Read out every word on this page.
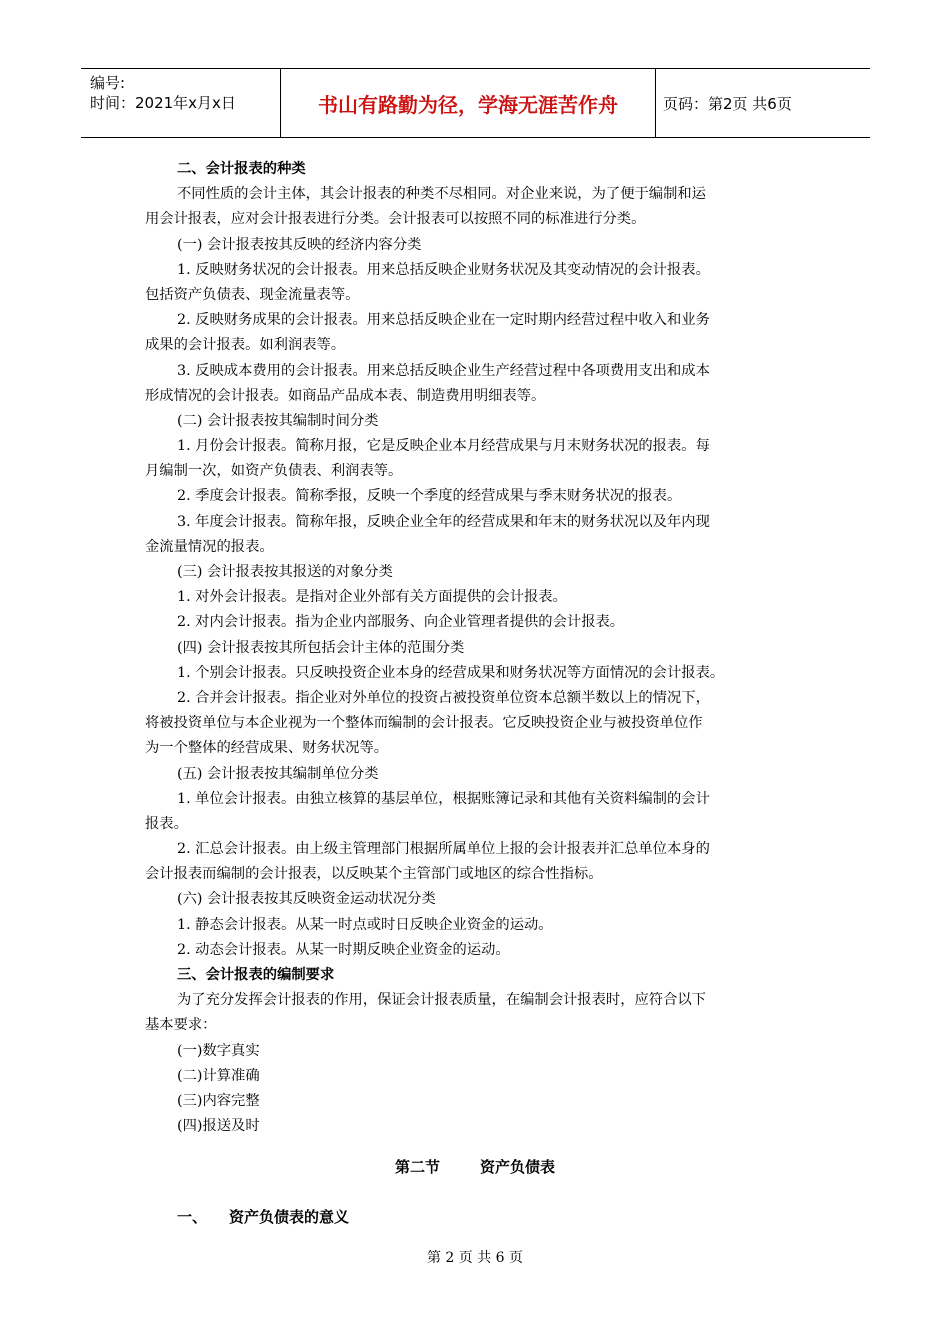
编号:
时间：2021年x月x日	书山有路勤为径，学海无涯苦作舟	页码：第2页 共6页
二、会计报表的种类
不同性质的会计主体，其会计报表的种类不尽相同。对企业来说，为了便于编制和运
用会计报表，应对会计报表进行分类。会计报表可以按照不同的标准进行分类。
(一) 会计报表按其反映的经济内容分类
1. 反映财务状况的会计报表。用来总括反映企业财务状况及其变动情况的会计报表。
包括资产负债表、现金流量表等。
2. 反映财务成果的会计报表。用来总括反映企业在一定时期内经营过程中收入和业务
成果的会计报表。如利润表等。
3. 反映成本费用的会计报表。用来总括反映企业生产经营过程中各项费用支出和成本
形成情况的会计报表。如商品产品成本表、制造费用明细表等。
(二) 会计报表按其编制时间分类
1. 月份会计报表。简称月报，它是反映企业本月经营成果与月末财务状况的报表。每
月编制一次，如资产负债表、利润表等。
2. 季度会计报表。简称季报，反映一个季度的经营成果与季末财务状况的报表。
3. 年度会计报表。简称年报，反映企业全年的经营成果和年末的财务状况以及年内现
金流量情况的报表。
(三) 会计报表按其报送的对象分类
1. 对外会计报表。是指对企业外部有关方面提供的会计报表。
2. 对内会计报表。指为企业内部服务、向企业管理者提供的会计报表。
(四) 会计报表按其所包括会计主体的范围分类
1. 个别会计报表。只反映投资企业本身的经营成果和财务状况等方面情况的会计报表。
2. 合并会计报表。指企业对外单位的投资占被投资单位资本总额半数以上的情况下，
将被投资单位与本企业视为一个整体而编制的会计报表。它反映投资企业与被投资单位作
为一个整体的经营成果、财务状况等。
(五) 会计报表按其编制单位分类
1. 单位会计报表。由独立核算的基层单位，根据账簿记录和其他有关资料编制的会计
报表。
2. 汇总会计报表。由上级主管理部门根据所属单位上报的会计报表并汇总单位本身的
会计报表而编制的会计报表，以反映某个主管部门或地区的综合性指标。
(六) 会计报表按其反映资金运动状况分类
1. 静态会计报表。从某一时点或时日反映企业资金的运动。
2. 动态会计报表。从某一时期反映企业资金的运动。
三、会计报表的编制要求
为了充分发挥会计报表的作用，保证会计报表质量，在编制会计报表时，应符合以下
基本要求：
(一)数字真实
(二)计算准确
(三)内容完整
(四)报送及时
第二节	资产负债表
一、 资产负债表的意义
第 2 页 共 6 页
